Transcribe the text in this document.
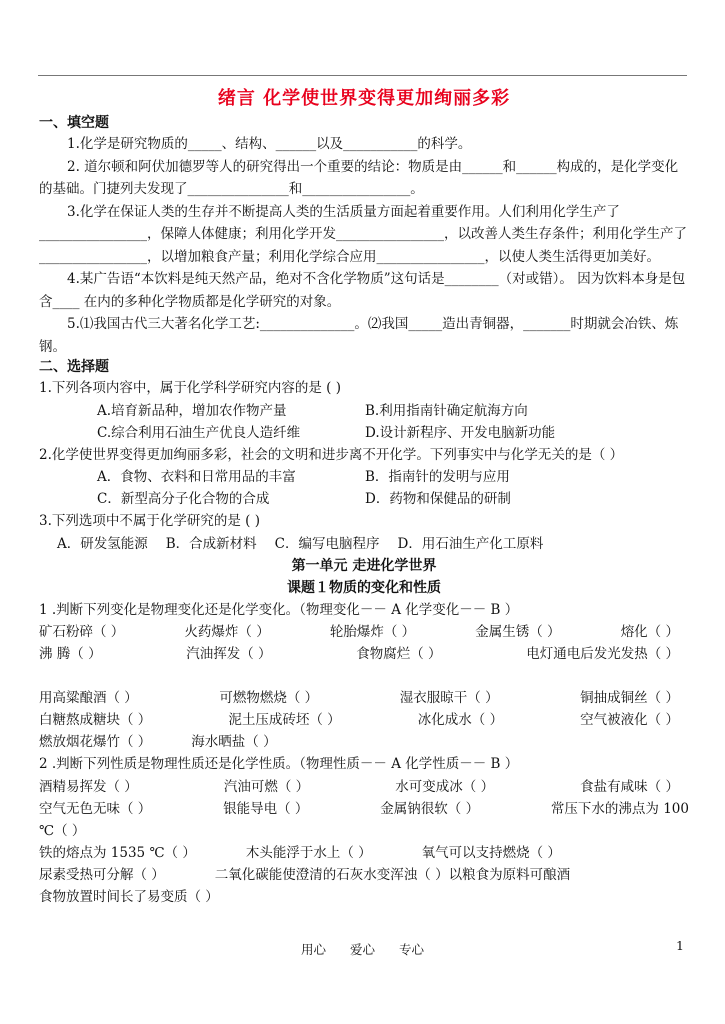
绪言 化学使世界变得更加绚丽多彩
一、填空题

1.化学是研究物质的_____、结构、______以及___________的科学。

2. 道尔顿和阿伏加德罗等人的研究得出一个重要的结论：物质是由______和______构成的，是化学变化的基础。门捷列夫发现了_______________和________________。

3.化学在保证人类的生存并不断提高人类的生活质量方面起着重要作用。人们利用化学生产了________________，保障人体健康；利用化学开发________________，以改善人类生存条件；利用化学生产了________________，以增加粮食产量；利用化学综合应用________________，以使人类生活得更加美好。

4.某广告语“本饮料是纯天然产品，绝对不含化学物质”这句话是________（对或错）。 因为饮料本身是包含____ 在内的多种化学物质都是化学研究的对象。

5.⑴我国古代三大著名化学工艺:______________。⑵我国_____造出青铜器，_______时期就会冶铁、炼钢。

二、选择题

1.下列各项内容中，属于化学科学研究内容的是 ( )

A.培育新品种，增加农作物产量	B.利用指南针确定航海方向
C.综合利用石油生产优良人造纤维	D.设计新程序、开发电脑新功能

2.化学使世界变得更加绚丽多彩，社会的文明和进步离不开化学。下列事实中与化学无关的是（ ）

A．食物、衣料和日常用品的丰富	B．指南针的发明与应用
C．新型高分子化合物的合成	D．药物和保健品的研制

3.下列选项中不属于化学研究的是 ( )

A．研发氢能源 B．合成新材料 C．编写电脑程序 D．用石油生产化工原料
第一单元 走进化学世界
课题１物质的变化和性质

1 .判断下列变化是物理变化还是化学变化。（物理变化－－ A 化学变化－－ B ）

矿石粉碎（ ）	火药爆炸（ ）	轮胎爆炸（ ）	金属生锈（ ）	熔化（ ）
沸 腾（ ）	汽油挥发（ ）	食物腐烂（ ）	电灯通电后发光发热（ ）
用高粱酿酒（ ）	可燃物燃烧（ ）	湿衣服晾干（ ）	铜抽成铜丝（ ）
白糖熬成糖块（ ）	泥土压成砖坯（ ）	冰化成水（ ）	空气被液化（ ）
燃放烟花爆竹（ ）	海水晒盐（ ）

2 .判断下列性质是物理性质还是化学性质。（物理性质－－ A 化学性质－－ B ）

酒精易挥发（ ）	汽油可燃（ ）	水可变成冰（ ）	食盐有咸味（ ）
空气无色无味（ ）	银能导电（ ）	金属钠很软（ ）	常压下水的沸点为 100

℃（ ）

铁的熔点为 1535 ℃（ ）	木头能浮于水上（ ）	氧气可以支持燃烧（ ）
尿素受热可分解（ ）	二氧化碳能使澄清的石灰水变浑浊（ ）以粮食为原料可酿酒

食物放置时间长了易变质（ ）

用心 爱心 专心	1
